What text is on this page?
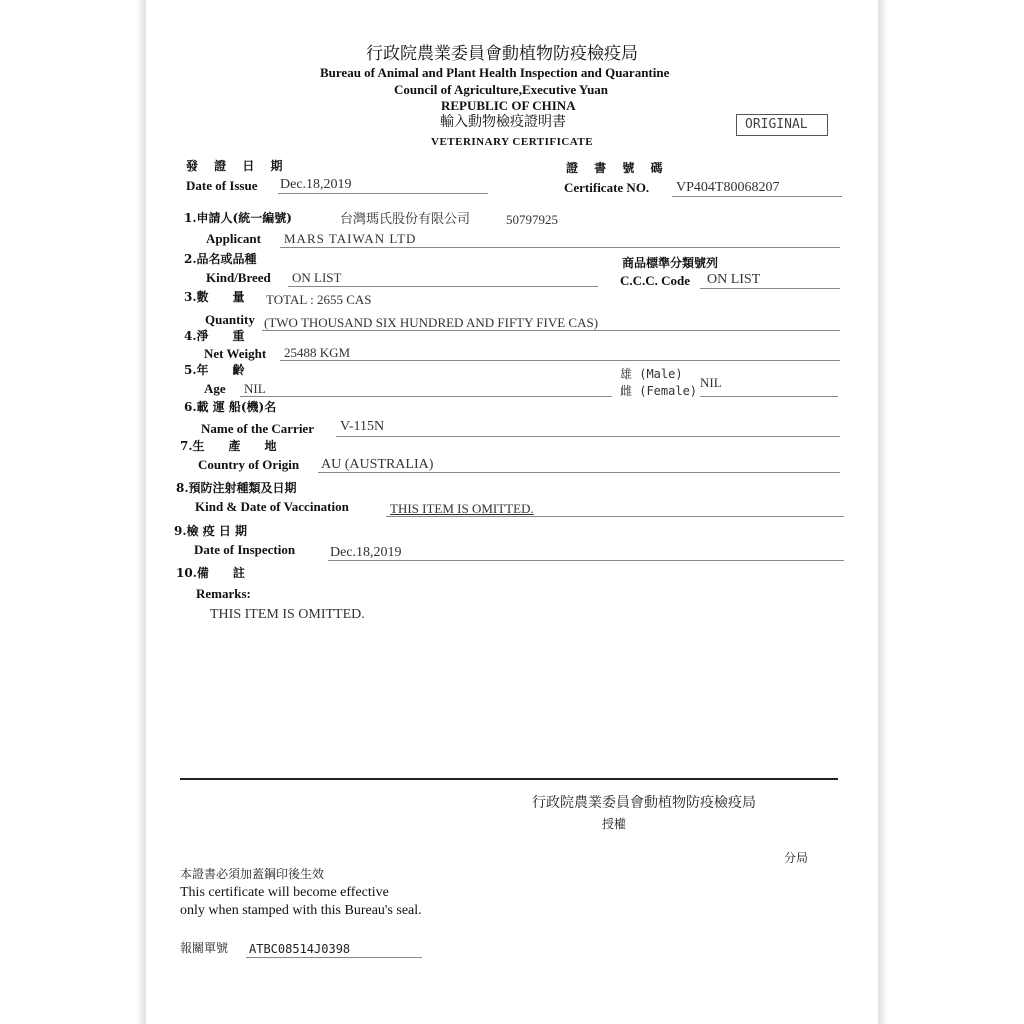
行政院農業委員會動植物防疫檢疫局
Bureau of Animal and Plant Health Inspection and Quarantine
Council of Agriculture,Executive Yuan
REPUBLIC OF CHINA
輸入動物檢疫證明書
VETERINARY CERTIFICATE
ORIGINAL
發 證 日 期
Date of Issue Dec.18,2019
證 書 號 碼
Certificate NO. VP404T80068207
1.申請人(統一編號)	台灣瑪氏股份有限公司	50797925
Applicant MARS TAIWAN LTD
2.品名或品種
Kind/Breed ON LIST
商品標準分類號列
C.C.C. Code ON LIST
3.數　　量 TOTAL : 2655 CAS
Quantity (TWO THOUSAND SIX HUNDRED AND FIFTY FIVE CAS)
4.淨　　重
Net Weight 25488 KGM
5.年　　齡
Age NIL
雄 (Male)
雌 (Female)
NIL
6.載 運 船(機)名
Name of the Carrier V-115N
7.生　　產　　地
Country of Origin AU (AUSTRALIA)
8.預防注射種類及日期
Kind & Date of Vaccination	THIS ITEM IS OMITTED.
9.檢 疫 日 期
Date of Inspection Dec.18,2019
10.備　　註
Remarks:
THIS ITEM IS OMITTED.
行政院農業委員會動植物防疫檢疫局
授權
分局
本證書必須加蓋鋼印後生效
This certificate will become effective
only when stamped with this Bureau's seal.
報關單號 ATBC08514J0398
